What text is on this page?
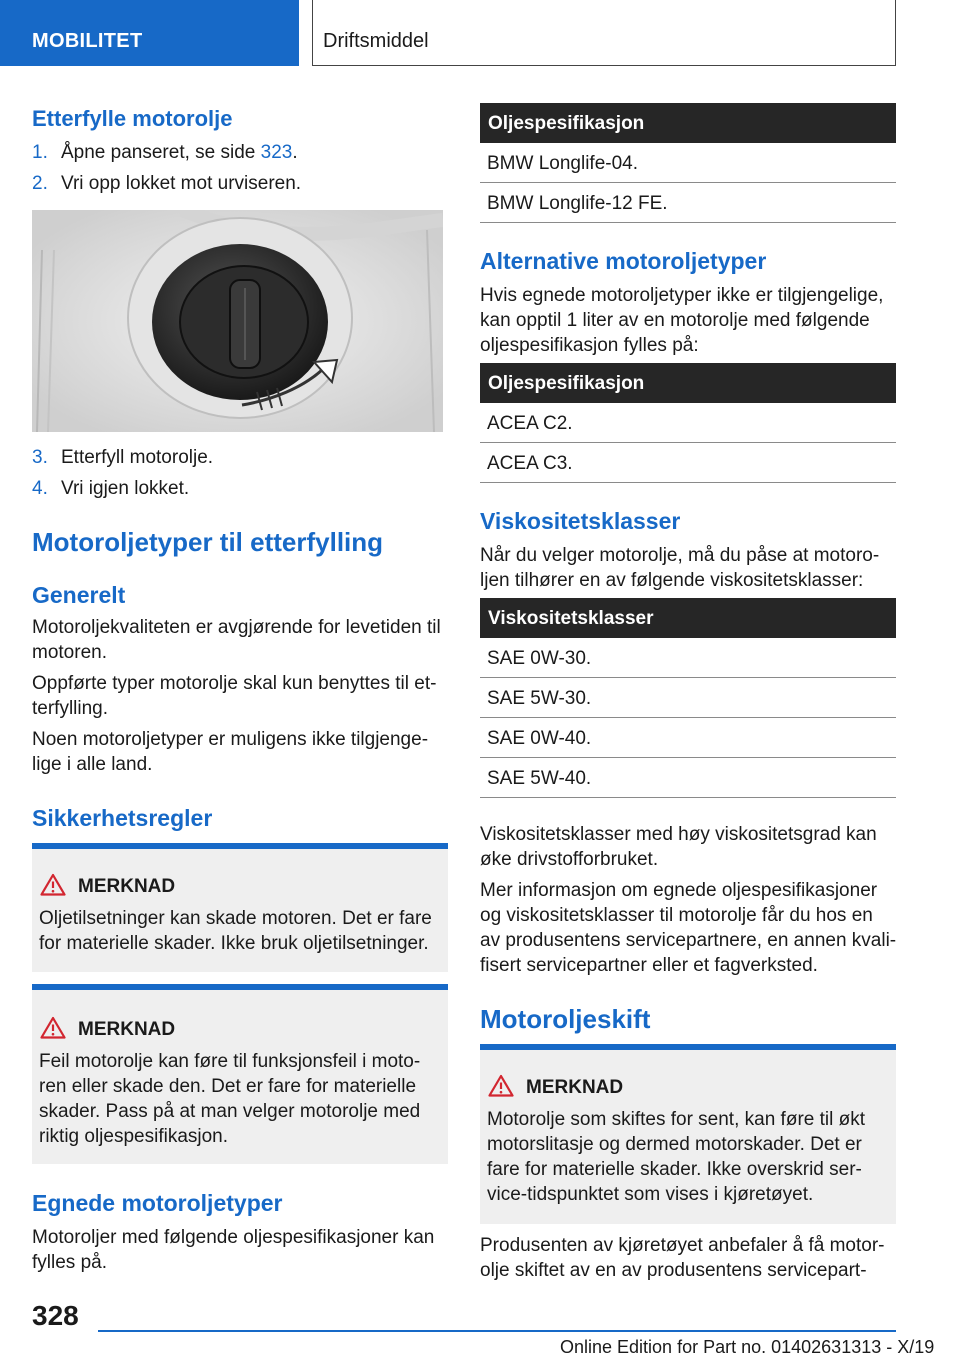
MOBILITET	Driftsmiddel
Etterfylle motorolje
1. Åpne panseret, se side 323.
2. Vri opp lokket mot urviseren.
3. Etterfyll motorolje.
4. Vri igjen lokket.
Motoroljetyper til etterfylling
Generelt
Motoroljekvaliteten er avgjørende for levetiden til
motoren.
Oppførte typer motorolje skal kun benyttes til et‐
terfylling.
Noen motoroljetyper er muligens ikke tilgjenge‐
lige i alle land.
Sikkerhetsregler
MERKNAD
Oljetilsetninger kan skade motoren. Det er fare
for materielle skader. Ikke bruk oljetilsetninger.
MERKNAD
Feil motorolje kan føre til funksjonsfeil i moto‐
ren eller skade den. Det er fare for materielle
skader. Pass på at man velger motorolje med
riktig oljespesifikasjon.
Egnede motoroljetyper
Motoroljer med følgende oljespesifikasjoner kan
fylles på.
Oljespesifikasjon
BMW Longlife-04.
BMW Longlife-12 FE.
Alternative motoroljetyper
Hvis egnede motoroljetyper ikke er tilgjengelige,
kan opptil 1 liter av en motorolje med følgende
oljespesifikasjon fylles på:
Oljespesifikasjon
ACEA C2.
ACEA C3.
Viskositetsklasser
Når du velger motorolje, må du påse at motoro‐
ljen tilhører en av følgende viskositetsklasser:
Viskositetsklasser
SAE 0W-30.
SAE 5W-30.
SAE 0W-40.
SAE 5W-40.
Viskositetsklasser med høy viskositetsgrad kan
øke drivstofforbruket.
Mer informasjon om egnede oljespesifikasjoner
og viskositetsklasser til motorolje får du hos en
av produsentens servicepartnere, en annen kvali‐
fisert servicepartner eller et fagverksted.
Motoroljeskift
MERKNAD
Motorolje som skiftes for sent, kan føre til økt
motorslitasje og dermed motorskader. Det er
fare for materielle skader. Ikke overskrid ser‐
vice-tidspunktet som vises i kjøretøyet.
Produsenten av kjøretøyet anbefaler å få motor‐
olje skiftet av en av produsentens servicepart‐
328
Online Edition for Part no. 01402631313 - X/19
